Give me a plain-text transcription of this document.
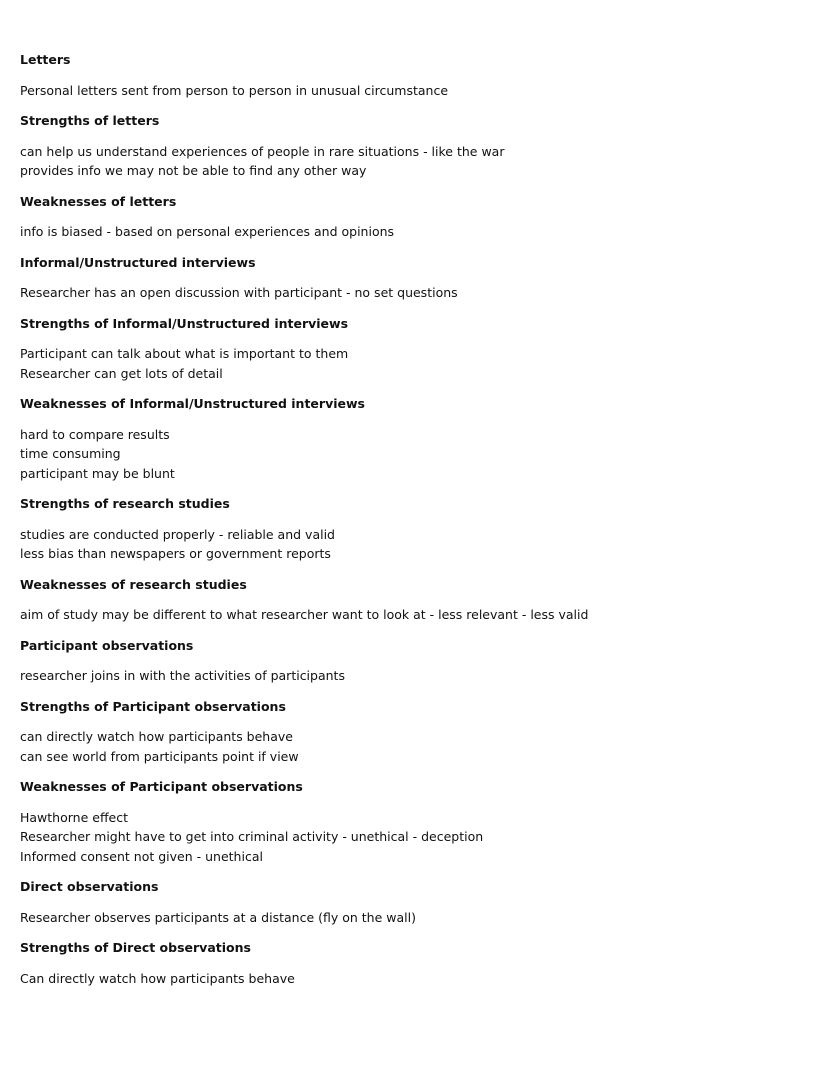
Letters
Personal letters sent from person to person in unusual circumstance
Strengths of letters
can help us understand experiences of people in rare situations - like the war
provides info we may not be able to find any other way
Weaknesses of letters
info is biased - based on personal experiences and opinions
Informal/Unstructured interviews
Researcher has an open discussion with participant - no set questions
Strengths of Informal/Unstructured interviews
Participant can talk about what is important to them
Researcher can get lots of detail
Weaknesses of Informal/Unstructured interviews
hard to compare results
time consuming
participant may be blunt
Strengths of research studies
studies are conducted properly - reliable and valid
less bias than newspapers or government reports
Weaknesses of research studies
aim of study may be different to what researcher want to look at - less relevant - less valid
Participant observations
researcher joins in with the activities of participants
Strengths of Participant observations
can directly watch how participants behave
can see world from participants point if view
Weaknesses of Participant observations
Hawthorne effect
Researcher might have to get into criminal activity - unethical - deception
Informed consent not given - unethical
Direct observations
Researcher observes participants at a distance (fly on the wall)
Strengths of Direct observations
Can directly watch how participants behave
